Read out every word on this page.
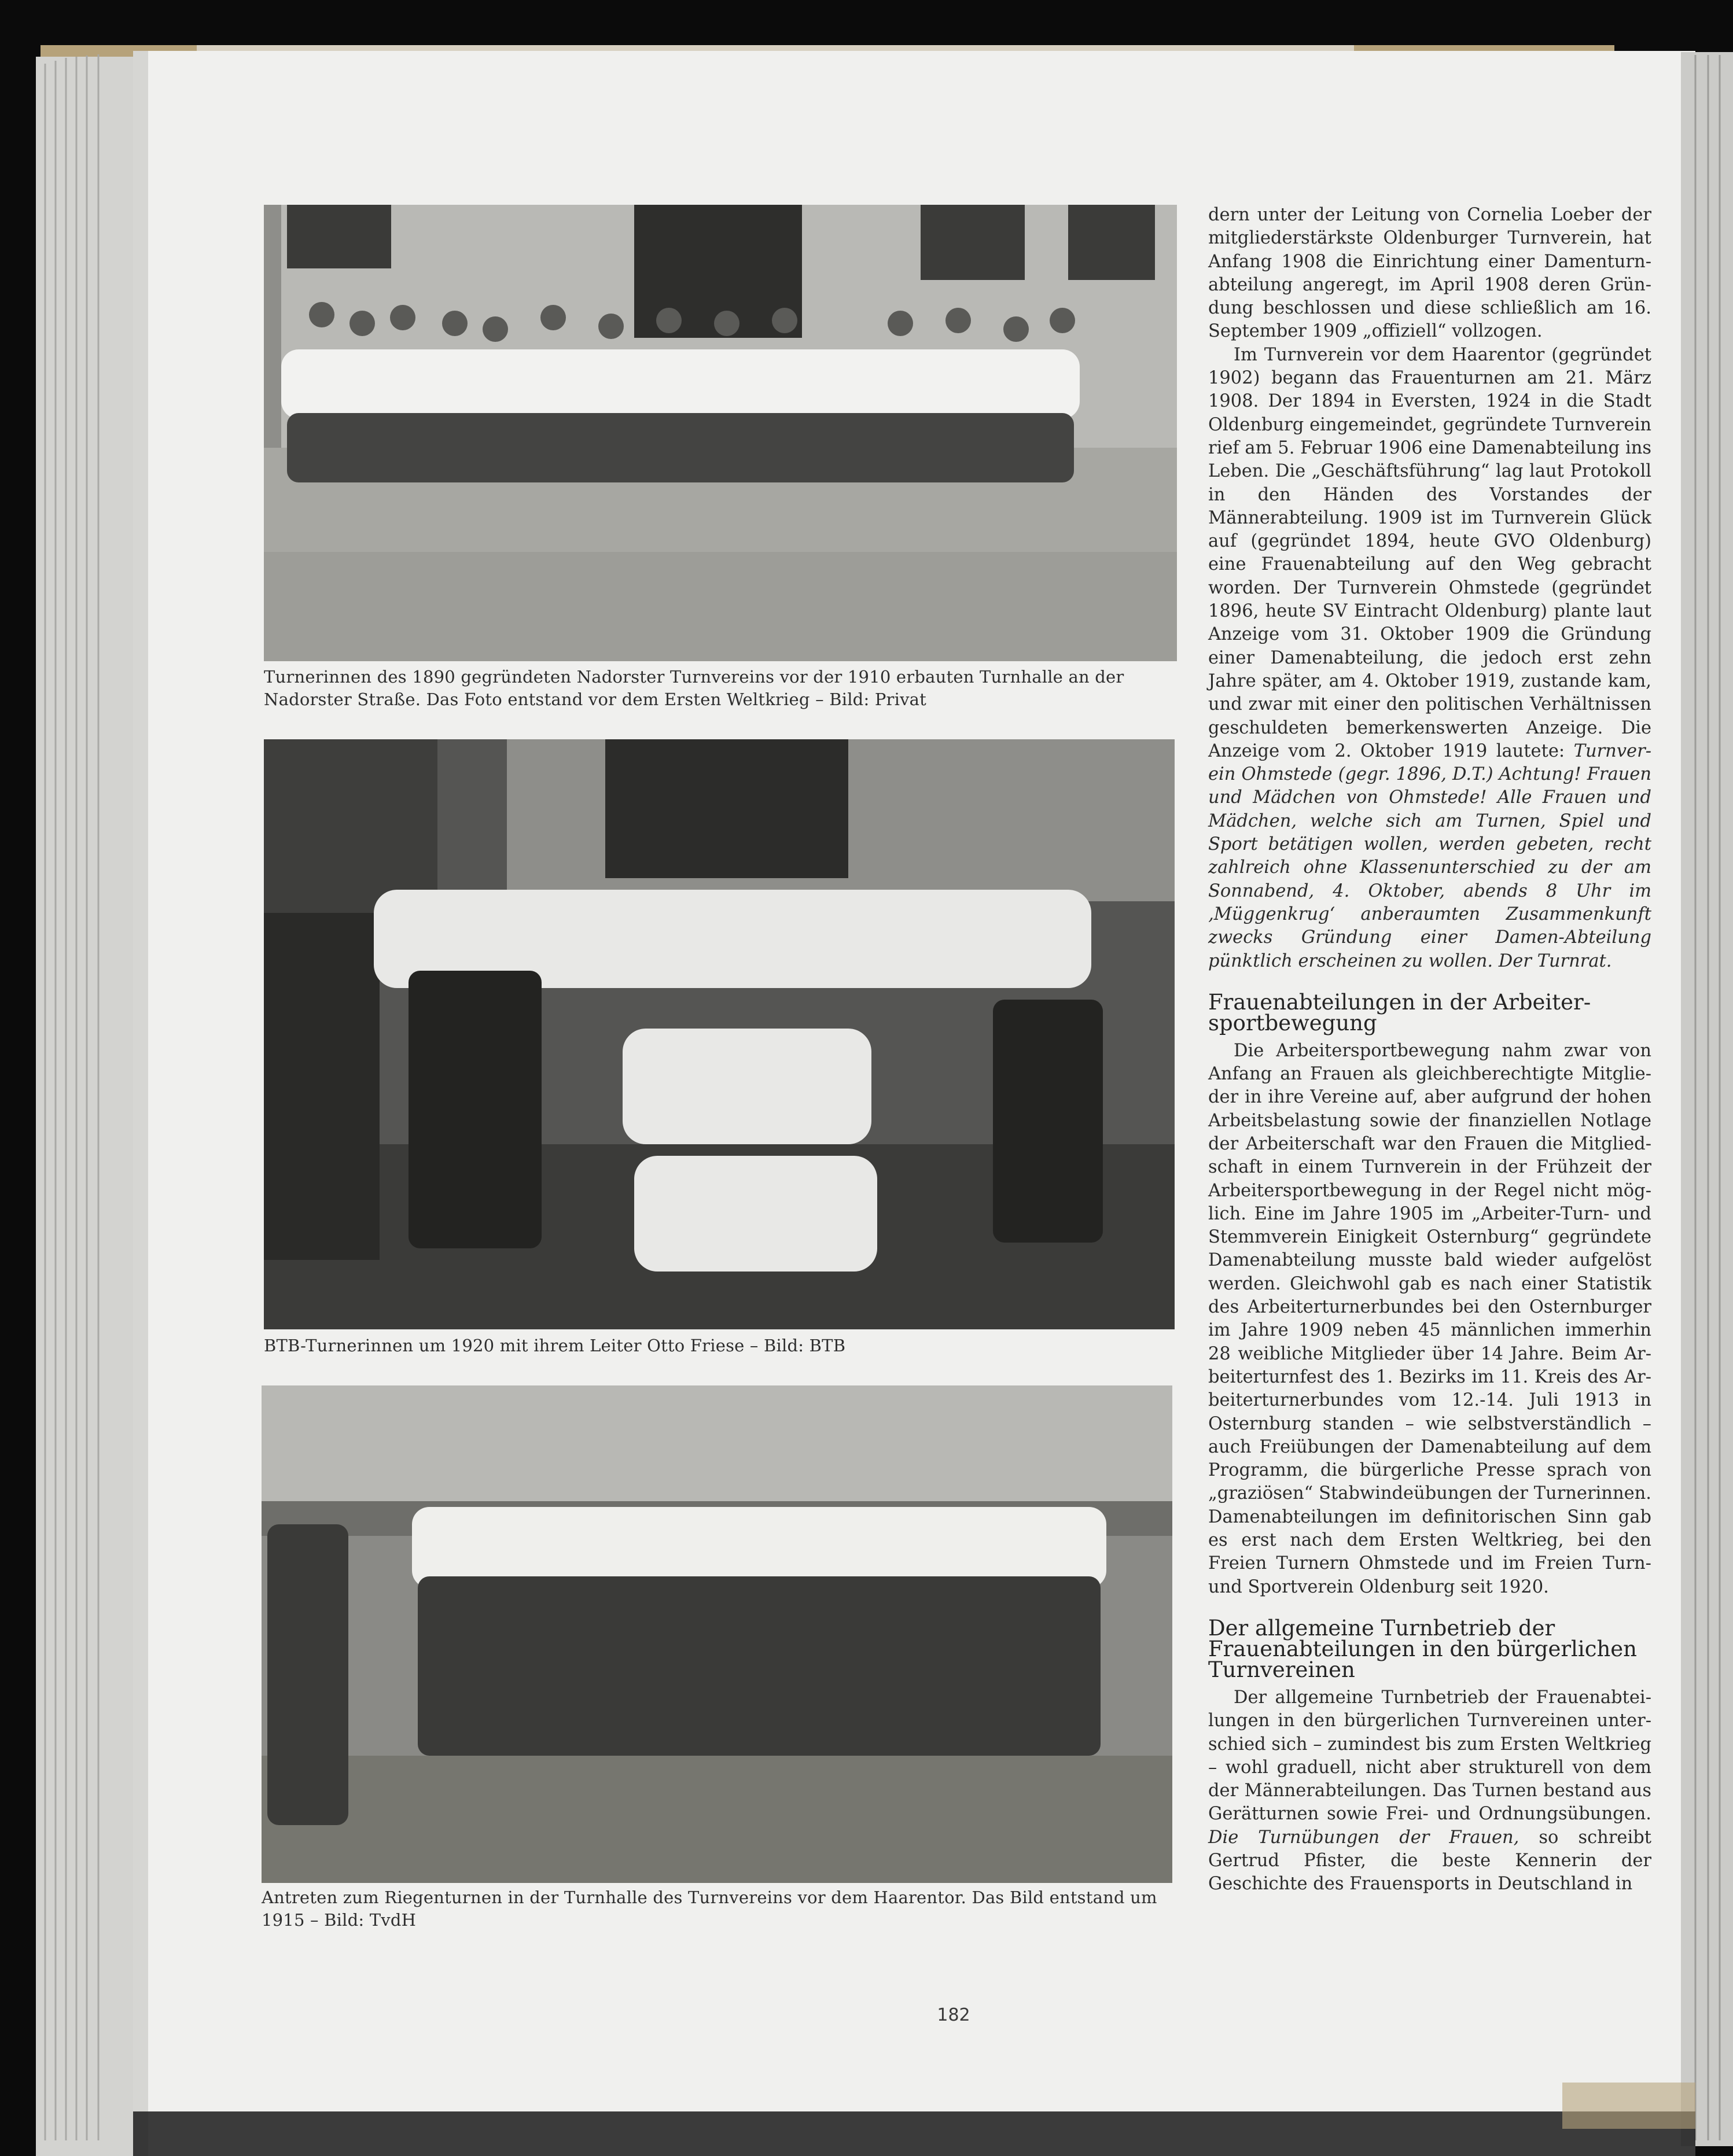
Turnerinnen des 1890 gegründeten Nadorster Turnvereins vor der 1910 erbauten Turnhalle an der Nadorster Straße. Das Foto entstand vor dem Ersten Weltkrieg – Bild: Privat

BTB-Turnerinnen um 1920 mit ihrem Leiter Otto Friese – Bild: BTB

Antreten zum Riegenturnen in der Turnhalle des Turnvereins vor dem Haarentor. Das Bild entstand um 1915 – Bild: TvdH

dern unter der Leitung von Cornelia Loeber der mitgliederstärkste Oldenburger Turnverein, hat Anfang 1908 die Einrichtung einer Damenturnabteilung angeregt, im April 1908 deren Gründung beschlossen und diese schließlich am 16. September 1909 „offiziell“ vollzogen.

Im Turnverein vor dem Haarentor (gegründet 1902) begann das Frauenturnen am 21. März 1908. Der 1894 in Eversten, 1924 in die Stadt Oldenburg eingemeindet, gegründete Turnverein rief am 5. Februar 1906 eine Damenabteilung ins Leben. Die „Geschäftsführung“ lag laut Protokoll in den Händen des Vorstandes der Männerabteilung. 1909 ist im Turnverein Glück auf (gegründet 1894, heute GVO Oldenburg) eine Frauenabteilung auf den Weg gebracht worden. Der Turnverein Ohmstede (gegründet 1896, heute SV Eintracht Oldenburg) plante laut Anzeige vom 31. Oktober 1909 die Gründung einer Damenabteilung, die jedoch erst zehn Jahre später, am 4. Oktober 1919, zustande kam, und zwar mit einer den politischen Verhältnissen geschuldeten bemerkenswerten Anzeige. Die Anzeige vom 2. Oktober 1919 lautete: Turnverein Ohmstede (gegr. 1896, D.T.) Achtung! Frauen und Mädchen von Ohmstede! Alle Frauen und Mädchen, welche sich am Turnen, Spiel und Sport betätigen wollen, werden gebeten, recht zahlreich ohne Klassenunterschied zu der am Sonnabend, 4. Oktober, abends 8 Uhr im ‚Müggenkrug‘ anberaumten Zusammenkunft zwecks Gründung einer Damen-Abteilung pünktlich erscheinen zu wollen. Der Turnrat.

Frauenabteilungen in der Arbeitersportbewegung

Die Arbeitersportbewegung nahm zwar von Anfang an Frauen als gleichberechtigte Mitglieder in ihre Vereine auf, aber aufgrund der hohen Arbeitsbelastung sowie der finanziellen Notlage der Arbeiterschaft war den Frauen die Mitgliedschaft in einem Turnverein in der Frühzeit der Arbeitersportbewegung in der Regel nicht möglich. Eine im Jahre 1905 im „Arbeiter-Turn- und Stemmverein Einigkeit Osternburg“ gegründete Damenabteilung musste bald wieder aufgelöst werden. Gleichwohl gab es nach einer Statistik des Arbeiterturnerbundes bei den Osternburger im Jahre 1909 neben 45 männlichen immerhin 28 weibliche Mitglieder über 14 Jahre. Beim Arbeiterturnfest des 1. Bezirks im 11. Kreis des Arbeiterturnerbundes vom 12.-14. Juli 1913 in Osternburg standen – wie selbstverständlich – auch Freiübungen der Damenabteilung auf dem Programm, die bürgerliche Presse sprach von „graziösen“ Stabwindeübungen der Turnerinnen. Damenabteilungen im definitorischen Sinn gab es erst nach dem Ersten Weltkrieg, bei den Freien Turnern Ohmstede und im Freien Turn- und Sportverein Oldenburg seit 1920.

Der allgemeine Turnbetrieb der Frauenabteilungen in den bürgerlichen Turnvereinen

Der allgemeine Turnbetrieb der Frauenabteilungen in den bürgerlichen Turnvereinen unterschied sich – zumindest bis zum Ersten Weltkrieg – wohl graduell, nicht aber strukturell von dem der Männerabteilungen. Das Turnen bestand aus Gerätturnen sowie Frei- und Ordnungsübungen. Die Turnübungen der Frauen, so schreibt Gertrud Pfister, die beste Kennerin der Geschichte des Frauensports in Deutschland in

182
